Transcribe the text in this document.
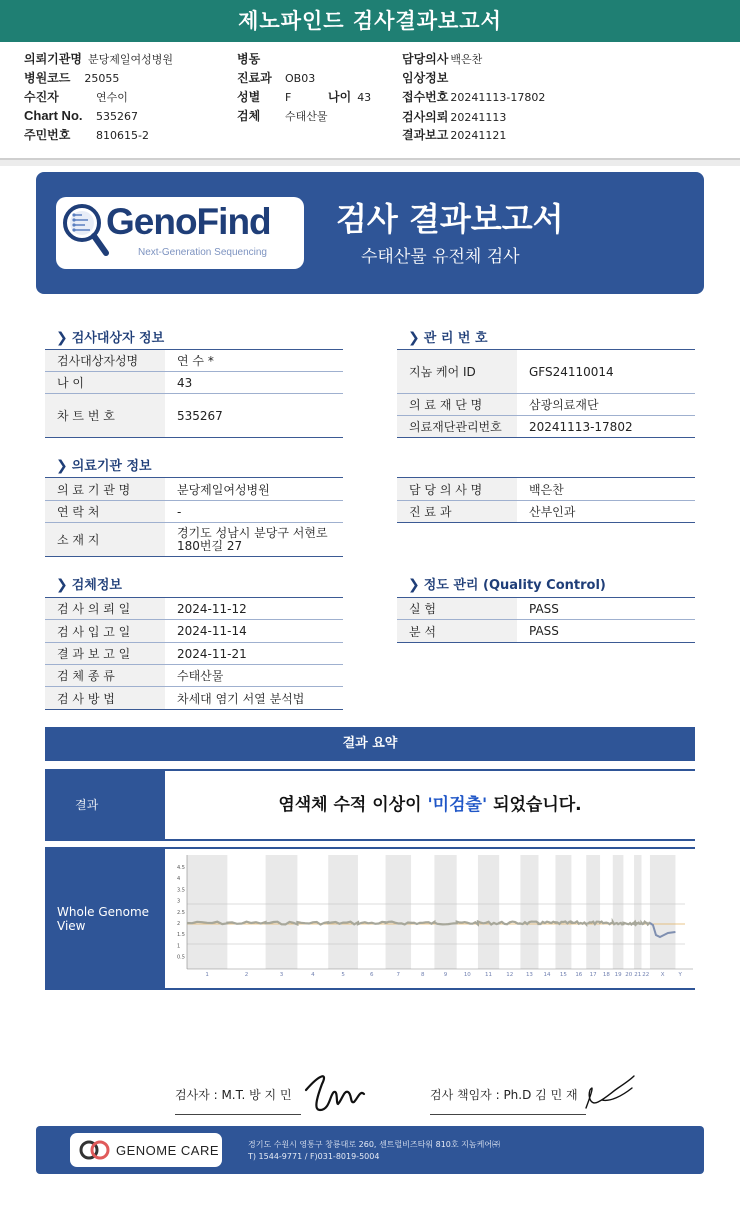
제노파인드 검사결과보고서
의뢰기관명 분당제일여성병원
병원코드 25055
수진자	연수이
Chart No. 535267
주민번호 810615-2
병동
진료과 OB03
성별 F	나이 43
검체 수태산물
담당의사 백은찬
임상정보
접수번호 20241113-17802
검사의뢰 20241113
결과보고 20241121
GenoFind
Next-Generation Sequencing
검사 결과보고서
수태산물 유전체 검사
❯ 검사대상자 정보
검사대상자성명	연 수 *
나 이	43
차 트 번 호	535267
❯ 관 리 번 호
지놈 케어 ID	GFS24110014
의 료 재 단 명	삼광의료재단
의료재단관리번호	20241113-17802
❯ 의료기관 정보
의 료 기 관 명	분당제일여성병원
연 락 처	-
소 재 지
경기도 성남시 분당구 서현로
180번길 27
담 당 의 사 명	백은찬
진 료 과	산부인과
❯ 검체정보
검 사 의 뢰 일	2024-11-12
검 사 입 고 일	2024-11-14
결 과 보 고 일	2024-11-21
검 체 종 류	수태산물
검 사 방 법	차세대 염기 서열 분석법
❯ 정도 관리 (Quality Control)
실 험	PASS
분 석	PASS
결과 요약
결과	염색체 수적 이상이 '미검출' 되었습니다.
Whole Genome View
4.5
4
3.5
3
2.5
2
1.5
1
0.5
1	2	3	4	5	6	7	8	9	10	11	12 13 14 15 16 17 18 19 20 21 22 X	Y
검사자 : M.T. 방 지 민	검사 책임자 : Ph.D 김 민 재
GENOME CARE	경기도 수원시 영통구 창룡대로 260, 센트럴비즈타워 810호 지놈케어㈜
T) 1544-9771 / F)031-8019-5004
